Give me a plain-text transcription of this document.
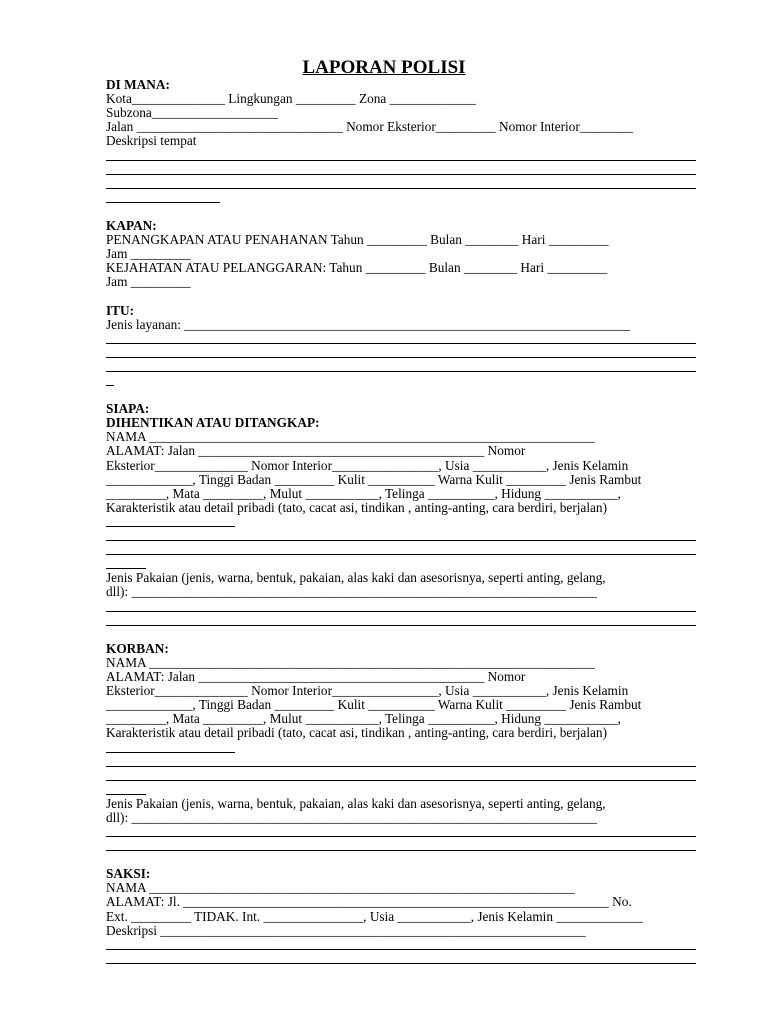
LAPORAN POLISI
DI MANA:
Kota______________ Lingkungan _________ Zona _____________
Subzona___________________
Jalan _______________________________ Nomor Eksterior_________ Nomor Interior________
Deskripsi tempat
KAPAN:
PENANGKAPAN ATAU PENAHANAN Tahun _________ Bulan ________ Hari _________
Jam _________
KEJAHATAN ATAU PELANGGARAN: Tahun _________ Bulan ________ Hari _________
Jam _________
ITU:
Jenis layanan: ___________________________________________________________________
SIAPA:
DIHENTIKAN ATAU DITANGKAP:
NAMA ___________________________________________________________________
ALAMAT: Jalan ___________________________________________ Nomor
Eksterior______________ Nomor Interior________________, Usia ___________, Jenis Kelamin
_____________, Tinggi Badan _________ Kulit __________ Warna Kulit _________ Jenis Rambut
_________, Mata _________, Mulut ___________, Telinga __________, Hidung ___________,
Karakteristik atau detail pribadi (tato, cacat asi, tindikan , anting-anting, cara berdiri, berjalan)
Jenis Pakaian (jenis, warna, bentuk, pakaian, alas kaki dan asesorisnya, seperti anting, gelang,
dll): ______________________________________________________________________
KORBAN:
NAMA ___________________________________________________________________
ALAMAT: Jalan ___________________________________________ Nomor
Eksterior______________ Nomor Interior________________, Usia ___________, Jenis Kelamin
_____________, Tinggi Badan _________ Kulit __________ Warna Kulit _________ Jenis Rambut
_________, Mata _________, Mulut ___________, Telinga __________, Hidung ___________,
Karakteristik atau detail pribadi (tato, cacat asi, tindikan , anting-anting, cara berdiri, berjalan)
Jenis Pakaian (jenis, warna, bentuk, pakaian, alas kaki dan asesorisnya, seperti anting, gelang,
dll): ______________________________________________________________________
SAKSI:
NAMA ________________________________________________________________
ALAMAT: Jl. ________________________________________________________________ No.
Ext. _________ TIDAK. Int. _______________, Usia ___________, Jenis Kelamin _____________
Deskripsi ________________________________________________________________
